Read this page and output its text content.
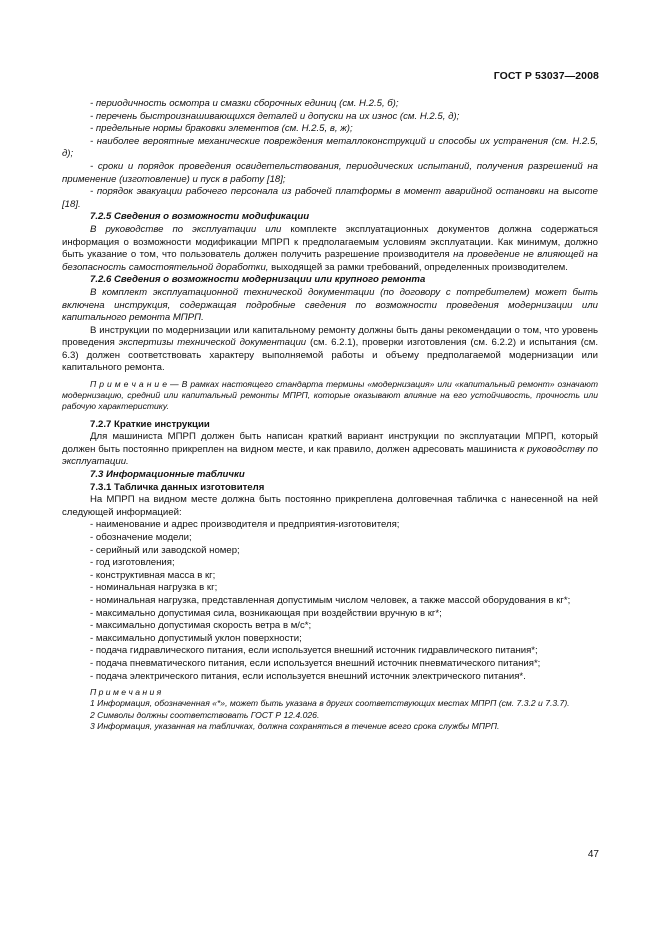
ГОСТ Р 53037—2008

- периодичность осмотра и смазки сборочных единиц (см. Н.2.5, б);

- перечень быстроизнашивающихся деталей и допуски на их износ (см. Н.2.5, д);

- предельные нормы браковки элементов (см. Н.2.5, в, ж);

- наиболее вероятные механические повреждения металлоконструкций и способы их устранения (см. Н.2.5, д);

- сроки и порядок проведения освидетельствования, периодических испытаний, получения разрешений на применение (изготовление) и пуск в работу [18];

- порядок эвакуации рабочего персонала из рабочей платформы в момент аварийной остановки на высоте [18].

7.2.5 Сведения о возможности модификации

В руководстве по эксплуатации или комплекте эксплуатационных документов должна содержаться информация о возможности модификации МПРП к предполагаемым условиям эксплуатации. Как минимум, должно быть указание о том, что пользователь должен получить разрешение производителя на проведение не влияющей на безопасность самостоятельной доработки, выходящей за рамки требований, определенных производителем.

7.2.6 Сведения о возможности модернизации или крупного ремонта

В комплект эксплуатационной технической документации (по договору с потребителем) может быть включена инструкция, содержащая подробные сведения по возможности проведения модернизации или капитального ремонта МПРП.

В инструкции по модернизации или капитальному ремонту должны быть даны рекомендации о том, что уровень проведения экспертизы технической документации (см. 6.2.1), проверки изготовления (см. 6.2.2) и испытания (см. 6.3) должен соответствовать характеру выполняемой работы и объему предполагаемой модернизации или капитального ремонта.

П р и м е ч а н и е — В рамках настоящего стандарта термины «модернизация» или «капитальный ремонт» означают модернизацию, средний или капитальный ремонты МПРП, которые оказывают влияние на его устойчивость, прочность или рабочую характеристику.

7.2.7 Краткие инструкции

Для машиниста МПРП должен быть написан краткий вариант инструкции по эксплуатации МПРП, который должен быть постоянно прикреплен на видном месте, и как правило, должен адресовать машиниста к руководству по эксплуатации.

7.3 Информационные таблички

7.3.1 Табличка данных изготовителя

На МПРП на видном месте должна быть постоянно прикреплена долговечная табличка с нанесенной на ней следующей информацией:

- наименование и адрес производителя и предприятия-изготовителя;

- обозначение модели;

- серийный или заводской номер;

- год изготовления;

- конструктивная масса в кг;

- номинальная нагрузка в кг;

- номинальная нагрузка, представленная допустимым числом человек, а также массой оборудования в кг*;

- максимально допустимая сила, возникающая при воздействии вручную в кг*;

- максимально допустимая скорость ветра в м/с*;

- максимально допустимый уклон поверхности;

- подача гидравлического питания, если используется внешний источник гидравлического питания*;

- подача пневматического питания, если используется внешний источник пневматического питания*;

- подача электрического питания, если используется внешний источник электрического питания*.

П р и м е ч а н и я

1 Информация, обозначенная «*», может быть указана в других соответствующих местах МПРП (см. 7.3.2 и 7.3.7).

2 Символы должны соответствовать ГОСТ Р 12.4.026.

3 Информация, указанная на табличках, должна сохраняться в течение всего срока службы МПРП.

47
